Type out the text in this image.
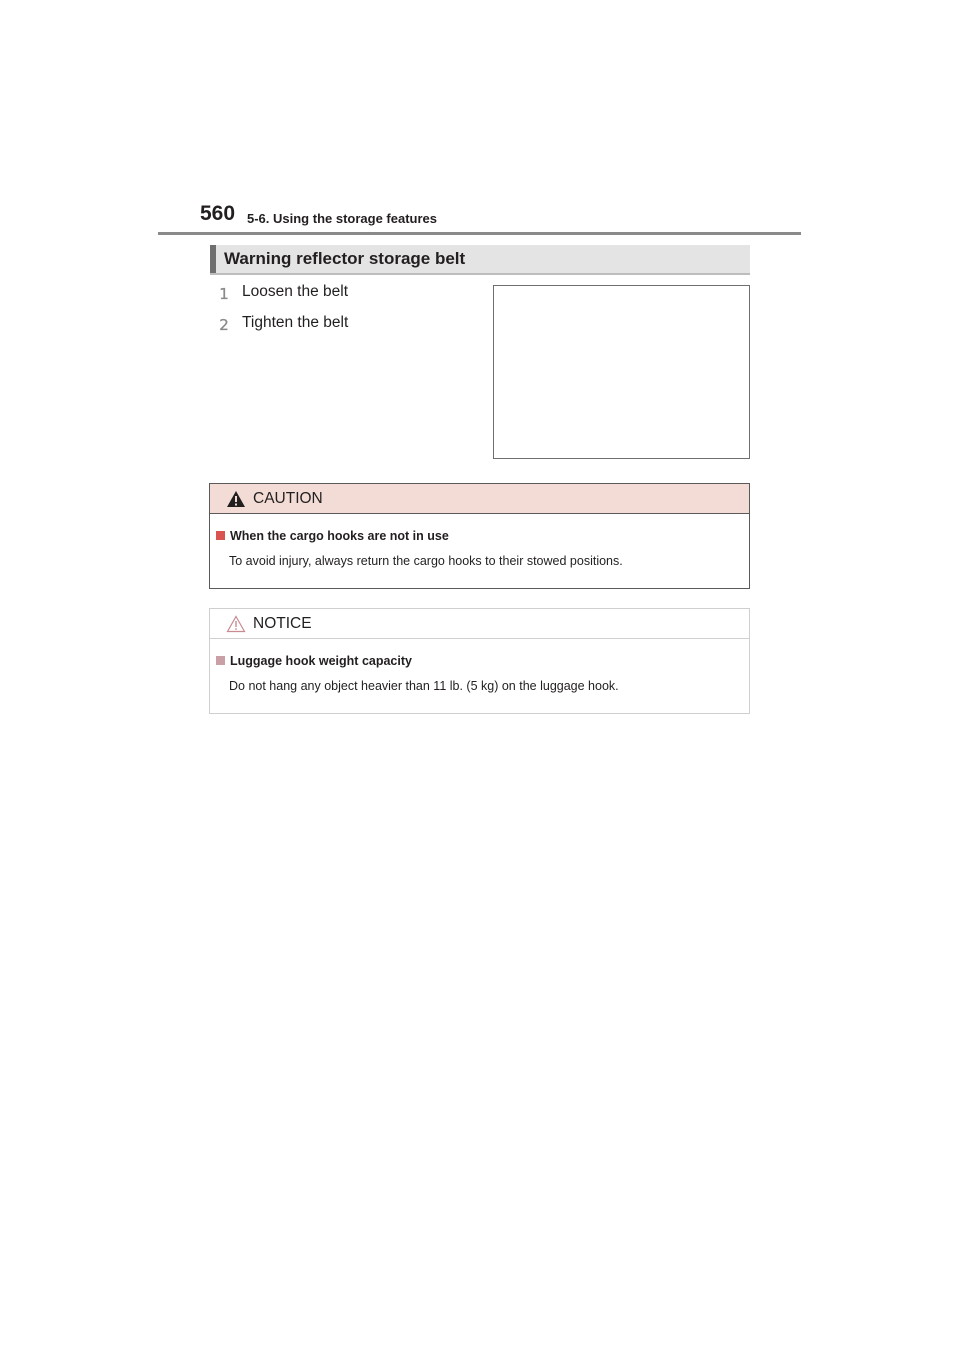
560 5-6. Using the storage features
Warning reflector storage belt
1 Loosen the belt
2 Tighten the belt
CAUTION
When the cargo hooks are not in use
To avoid injury, always return the cargo hooks to their stowed positions.
NOTICE
Luggage hook weight capacity
Do not hang any object heavier than 11 lb. (5 kg) on the luggage hook.
